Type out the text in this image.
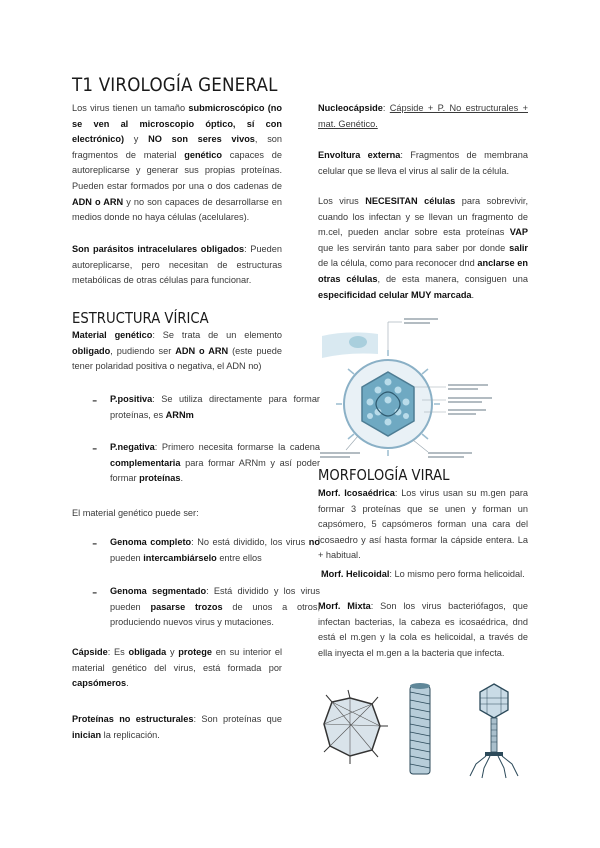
T1 VIROLOGÍA GENERAL

Los virus tienen un tamaño submicroscópico (no se ven al microscopio óptico, sí con electrónico) y NO son seres vivos, son fragmentos de material genético capaces de autoreplicarse y generar sus propias proteínas. Pueden estar formados por una o dos cadenas de ADN o ARN y no son capaces de desarrollarse en medios donde no haya células (acelulares).

Son parásitos intracelulares obligados: Pueden autoreplicarse, pero necesitan de estructuras metabólicas de otras células para funcionar.

ESTRUCTURA VÍRICA

Material genético: Se trata de un elemento obligado, pudiendo ser ADN o ARN (este puede tener polaridad positiva o negativa, el ADN no)

- P.positiva: Se utiliza directamente para formar proteínas, es ARNm

- P.negativa: Primero necesita formarse la cadena complementaria para formar ARNm y así poder formar proteínas.

El material genético puede ser:

- Genoma completo: No está dividido, los virus no pueden intercambiárselo entre ellos

- Genoma segmentado: Está dividido y los virus pueden pasarse trozos de unos a otros, produciendo nuevos virus y mutaciones.

Cápside: Es obligada y protege en su interior el material genético del virus, está formada por capsómeros.

Proteínas no estructurales: Son proteínas que inician la replicación.

Nucleocápside: Cápside + P. No estructurales + mat. Genético.

Envoltura externa: Fragmentos de membrana celular que se lleva el virus al salir de la célula.

Los virus NECESITAN células para sobrevivir, cuando los infectan y se llevan un fragmento de m.cel, pueden anclar sobre esta proteínas VAP que les servirán tanto para saber por donde salir de la célula, como para reconocer dnd anclarse en otras células, de esta manera, consiguen una especificidad celular MUY marcada.

MORFOLOGÍA VIRAL

Morf. Icosaédrica: Los virus usan su m.gen para formar 3 proteínas que se unen y forman un capsómero, 5 capsómeros forman una cara del icosaedro y así hasta formar la cápside entera. La + habitual.

Morf. Helicoidal: Lo mismo pero forma helicoidal.

Morf. Mixta: Son los virus bacteriófagos, que infectan bacterias, la cabeza es icosaédrica, dnd está el m.gen y la cola es helicoidal, a través de ella inyecta el m.gen a la bacteria que infecta.
